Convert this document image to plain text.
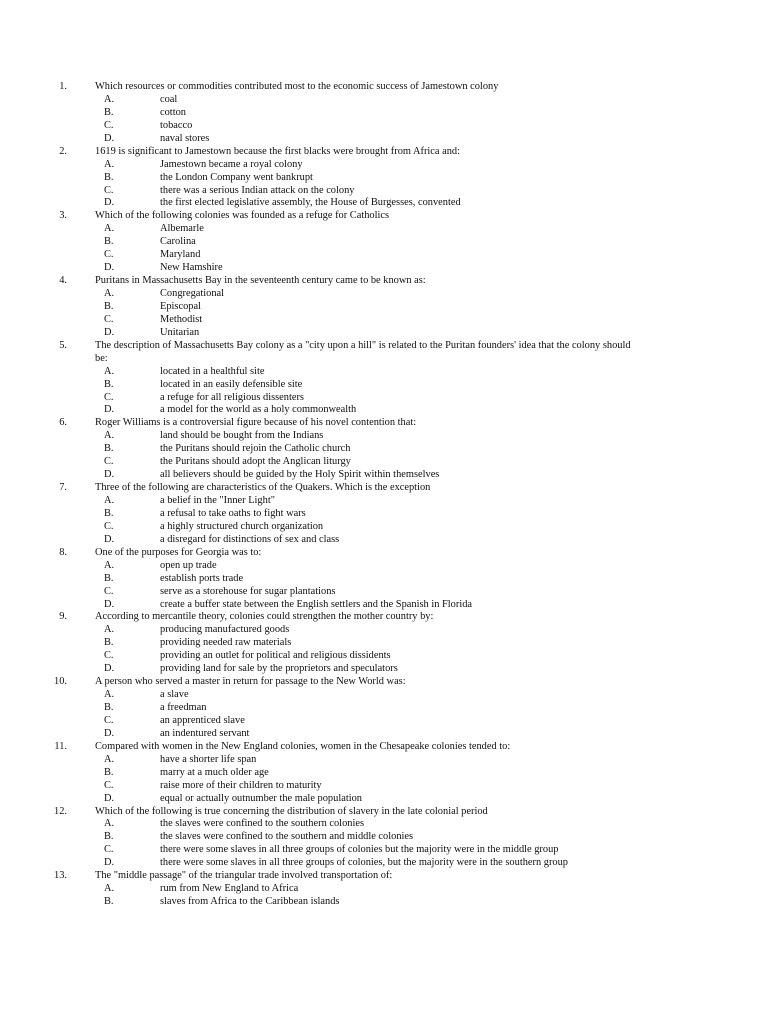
1.	Which resources or commodities contributed most to the economic success of Jamestown colony
A.	coal
B.	cotton
C.	tobacco
D.	naval stores
2.	1619 is significant to Jamestown because the first blacks were brought from Africa and:
A.	Jamestown became a royal colony
B.	the London Company went bankrupt
C.	there was a serious Indian attack on the colony
D.	the first elected legislative assembly, the House of Burgesses, convented
3.	Which of the following colonies was founded as a refuge for Catholics
A.	Albemarle
B.	Carolina
C.	Maryland
D.	New Hamshire
4.	Puritans in Massachusetts Bay in the seventeenth century came to be known as:
A.	Congregational
B.	Episcopal
C.	Methodist
D.	Unitarian
5.	The description of Massachusetts Bay colony as a "city upon a hill" is related to the Puritan founders' idea that the colony should
be:
A.	located in a healthful site
B.	located in an easily defensible site
C.	a refuge for all religious dissenters
D.	a model for the world as a holy commonwealth
6.	Roger Williams is a controversial figure because of his novel contention that:
A.	land should be bought from the Indians
B.	the Puritans should rejoin the Catholic church
C.	the Puritans should adopt the Anglican liturgy
D.	all believers should be guided by the Holy Spirit within themselves
7.	Three of the following are characteristics of the Quakers. Which is the exception
A.	a belief in the "Inner Light"
B.	a refusal to take oaths to fight wars
C.	a highly structured church organization
D.	a disregard for distinctions of sex and class
8.	One of the purposes for Georgia was to:
A.	open up trade
B.	establish ports trade
C.	serve as a storehouse for sugar plantations
D.	create a buffer state between the English settlers and the Spanish in Florida
9.	According to mercantile theory, colonies could strengthen the mother country by:
A.	producing manufactured goods
B.	providing needed raw materials
C.	providing an outlet for political and religious dissidents
D.	providing land for sale by the proprietors and speculators
10.	A person who served a master in return for passage to the New World was:
A.	a slave
B.	a freedman
C.	an apprenticed slave
D.	an indentured servant
11.	Compared with women in the New England colonies, women in the Chesapeake colonies tended to:
A.	have a shorter life span
B.	marry at a much older age
C.	raise more of their children to maturity
D.	equal or actually outnumber the male population
12.	Which of the following is true concerning the distribution of slavery in the late colonial period
A.	the slaves were confined to the southern colonies
B.	the slaves were confined to the southern and middle colonies
C.	there were some slaves in all three groups of colonies but the majority were in the middle group
D.	there were some slaves in all three groups of colonies, but the majority were in the southern group
13.	The "middle passage" of the triangular trade involved transportation of:
A.	rum from New England to Africa
B.	slaves from Africa to the Caribbean islands
